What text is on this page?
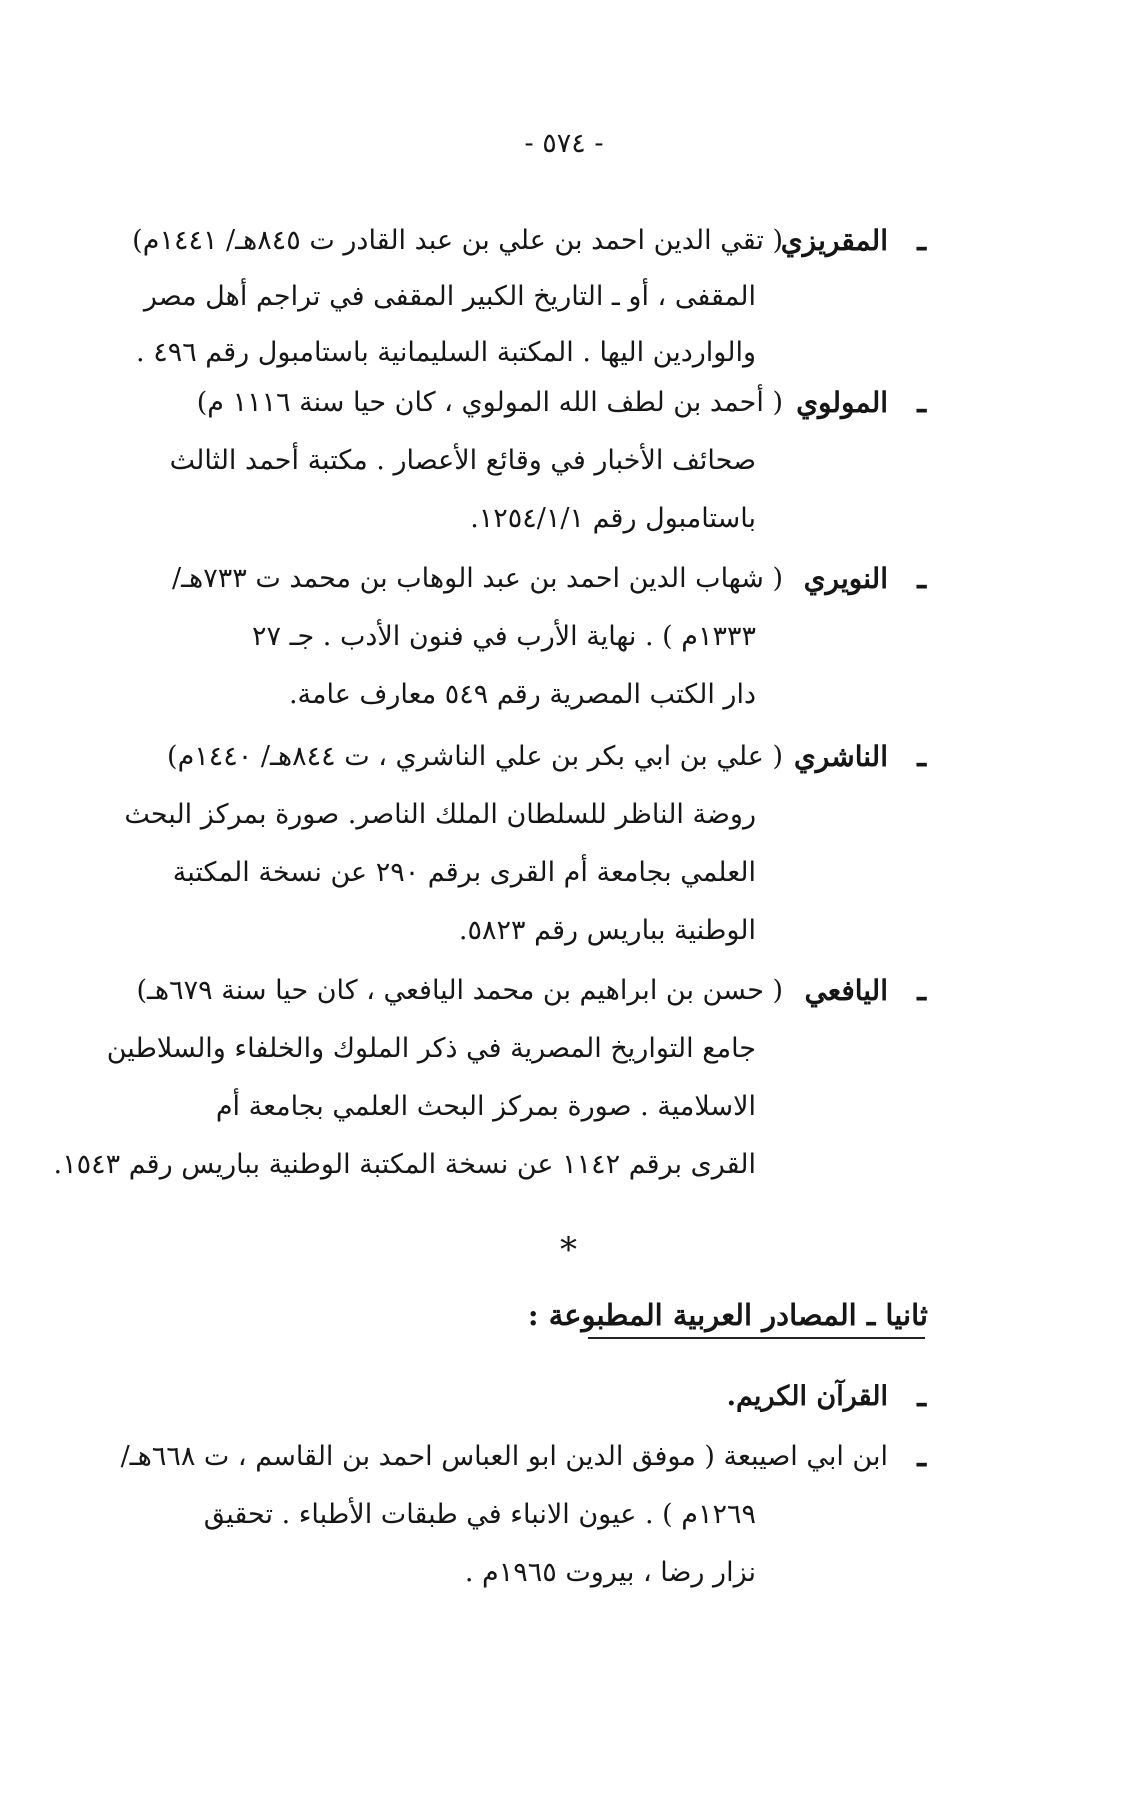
- ٥٧٤ -
ـ
المقريزي
( تقي الدين احمد بن علي بن عبد القادر ت ٨٤٥هـ/ ١٤٤١م)
المقفى ، أو ـ التاريخ الكبير المقفى في تراجم أهل مصر
والواردين اليها . المكتبة السليمانية باستامبول رقم ٤٩٦ .
ـ
المولوي
( أحمد بن لطف الله المولوي ، كان حيا سنة ١١١٦ م)
صحائف الأخبار في وقائع الأعصار . مكتبة أحمد الثالث
باستامبول رقم ١٢٥٤/١/١.
ـ
النويري
( شهاب الدين احمد بن عبد الوهاب بن محمد ت ٧٣٣هـ/
١٣٣٣م ) . نهاية الأرب في فنون الأدب . جـ ٢٧
دار الكتب المصرية رقم ٥٤٩ معارف عامة.
ـ
الناشري
( علي بن ابي بكر بن علي الناشري ، ت ٨٤٤هـ/ ١٤٤٠م)
روضة الناظر للسلطان الملك الناصر. صورة بمركز البحث
العلمي بجامعة أم القرى برقم ٢٩٠ عن نسخة المكتبة
الوطنية بباريس رقم ٥٨٢٣.
ـ
اليافعي
( حسن بن ابراهيم بن محمد اليافعي ، كان حيا سنة ٦٧٩هـ)
جامع التواريخ المصرية في ذكر الملوك والخلفاء والسلاطين
الاسلامية . صورة بمركز البحث العلمي بجامعة أم
القرى برقم ١١٤٢ عن نسخة المكتبة الوطنية بباريس رقم ١٥٤٣.
*
ثانيا ـ المصادر العربية المطبوعة :
ـ
القرآن الكريم.
ـ
ابن ابي اصيبعة ( موفق الدين ابو العباس احمد بن القاسم ، ت ٦٦٨هـ/
١٢٦٩م ) . عيون الانباء في طبقات الأطباء . تحقيق
نزار رضا ، بيروت ١٩٦٥م .
